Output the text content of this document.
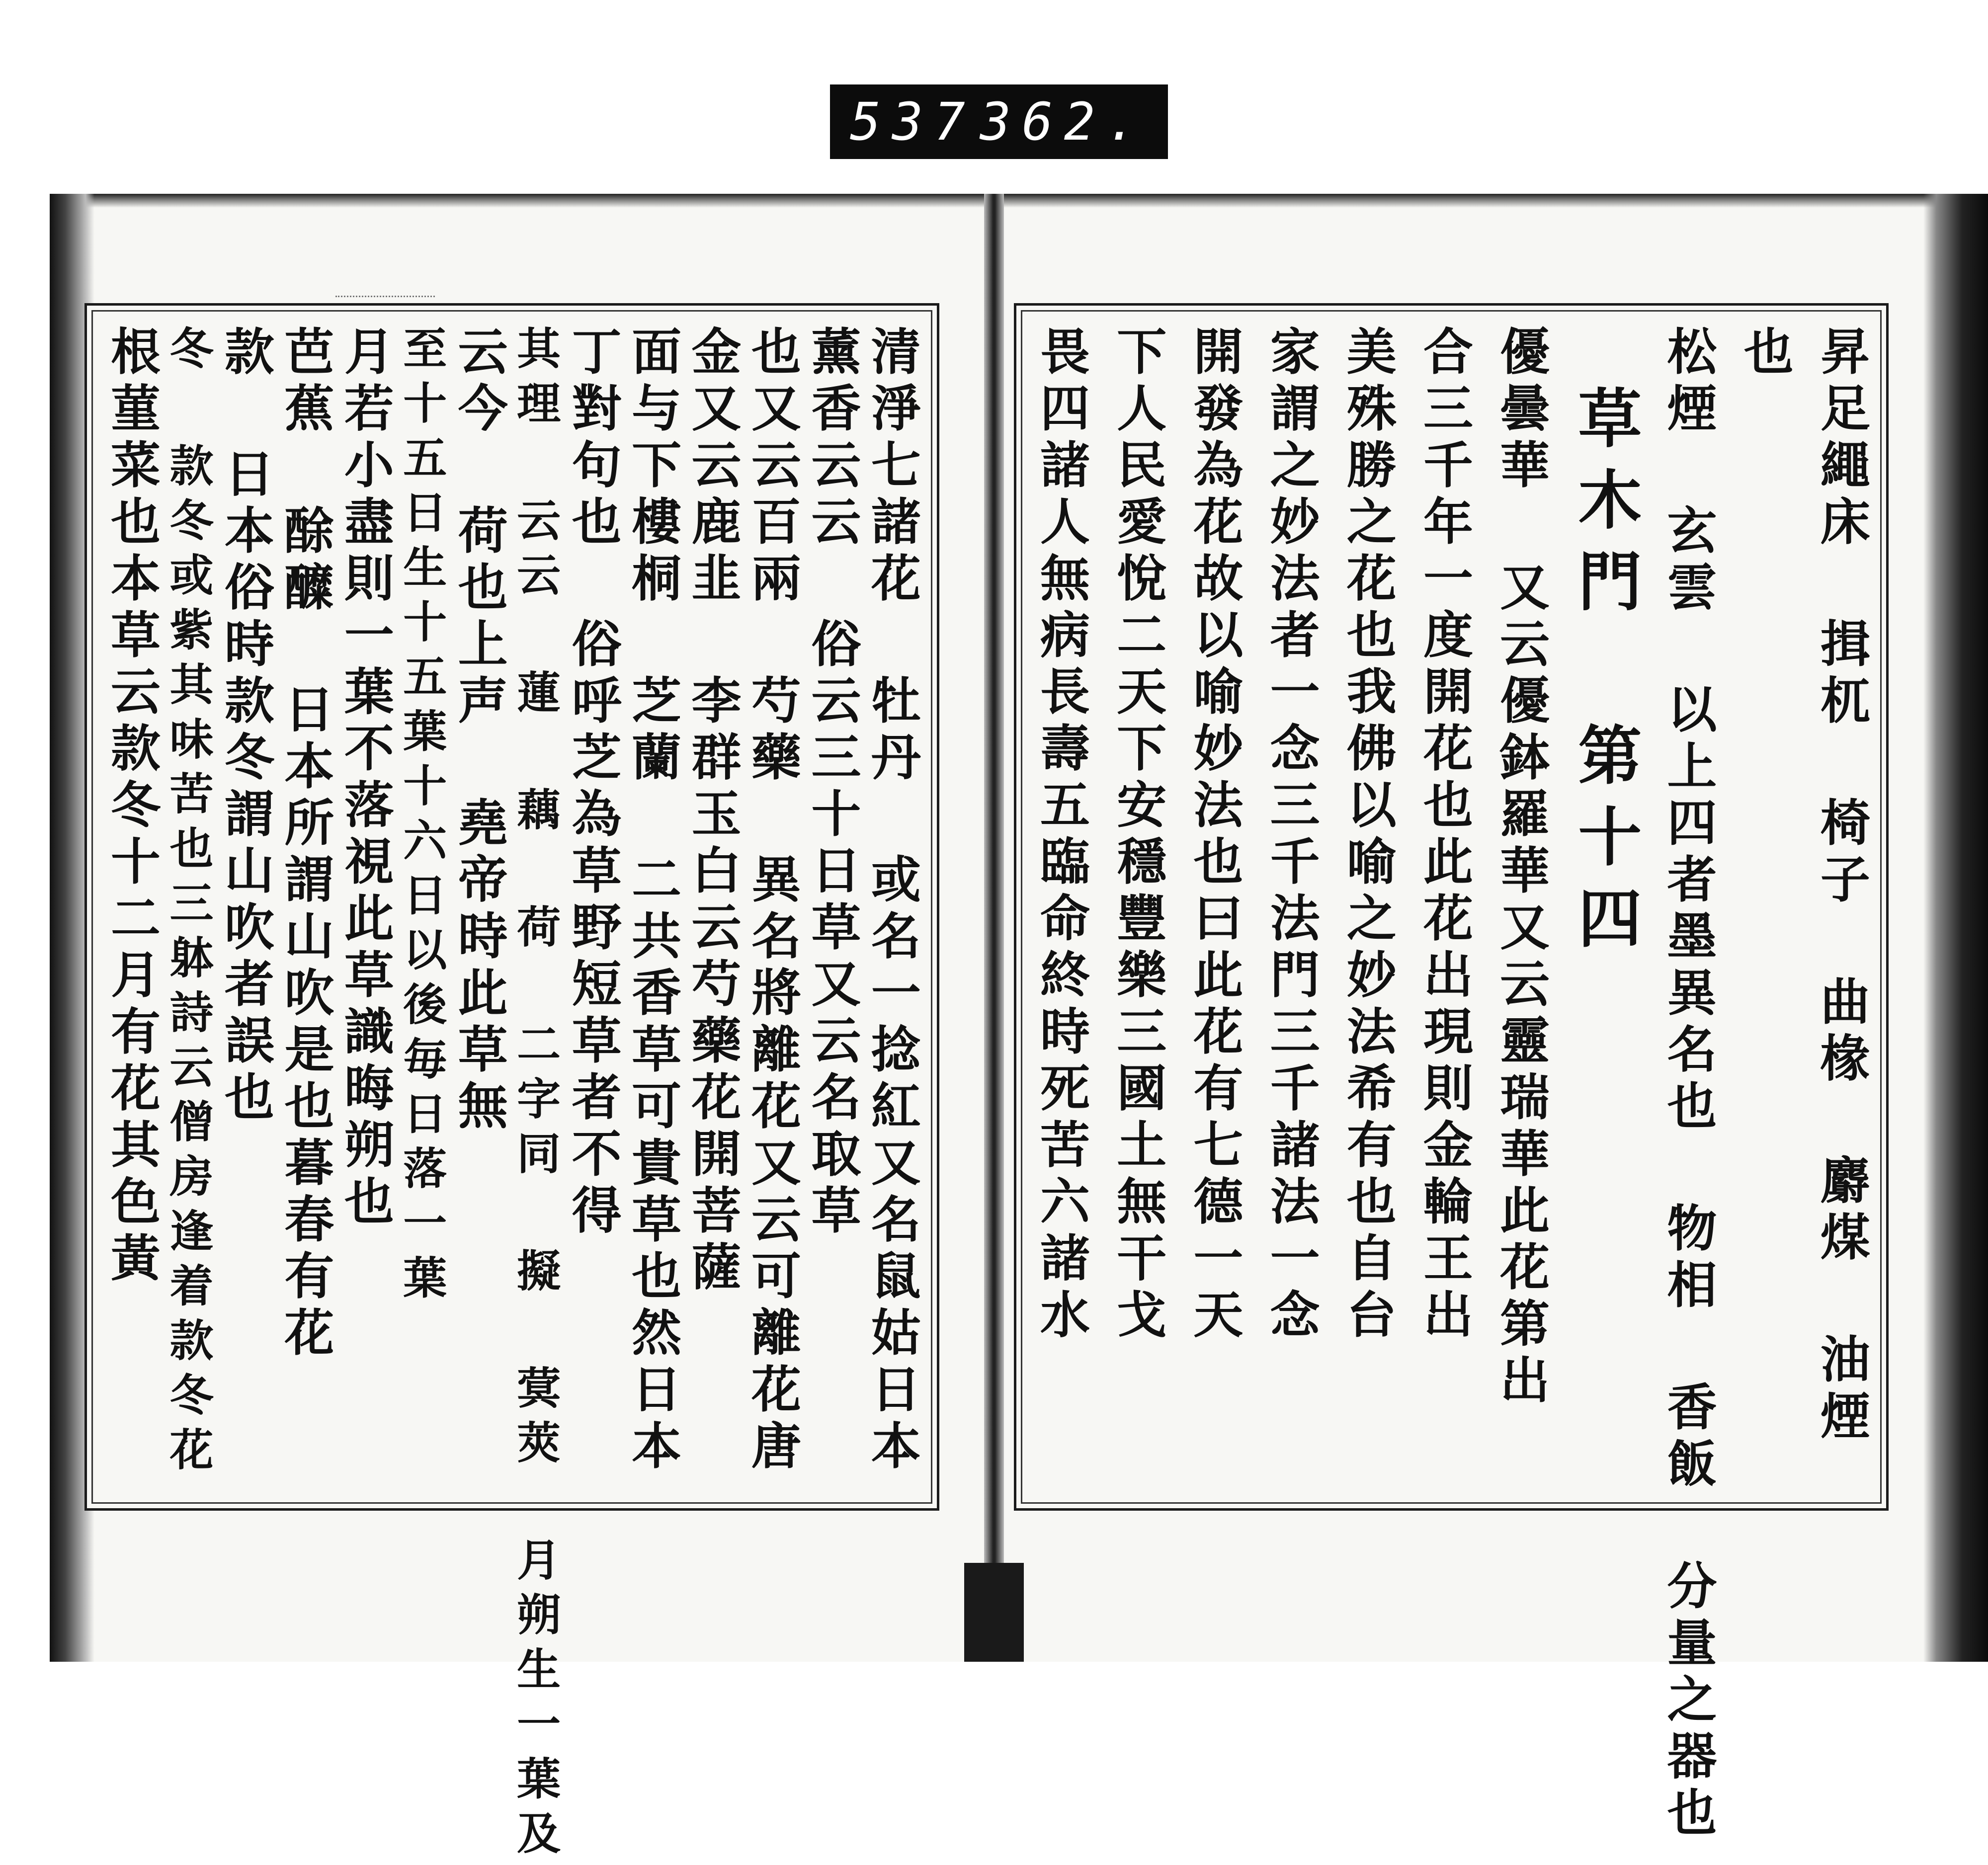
537 362.
清淨七諸花 牡丹 或名一捻紅又名鼠姑日本
薰香云云 俗云三十日草又云名取草
也又云百兩 芍藥 異名將離花又云可離花唐
金又云鹿韭 李群玉白云芍藥花開菩薩
面与下樓桐 芝蘭 二共香草可貴草也然日本
丁對句也 俗呼芝為草野短草者不得
其理 云云 蓮 藕 荷 二字同 擬 蓂莢 月朔生一葉及
云今 荷也上声 堯帝時此草無
至十五日生十五葉十六日以後毎日落一葉
月若小盡則一葉不落視此草識晦朔也
芭蕉 酴醾 日本所謂山吹是也暮春有花
款 日本俗時款冬謂山吹者誤也
冬 款冬或紫其味苦也三躰詩云僧房逢着款冬花
根菫菜也本草云款冬十二月有花其色黃	昇足繩床 揖杌 椅子 曲椽 麝煤 油煙
也
松煙 玄雲 以上四者墨異名也 物相 香飯 分量之器也
草木門 第十四
優曇華 又云優鉢羅華又云靈瑞華此花第出
合三千年一度開花也此花出現則金輪王出
美殊勝之花也我佛以喻之妙法希有也自台
家謂之妙法者一念三千法門三千諸法一念
開發為花故以喻妙法也曰此花有七德一天
下人民愛悅二天下安穩豐樂三國土無干戈
畏四諸人無病長壽五臨命終時死苦六諸水
